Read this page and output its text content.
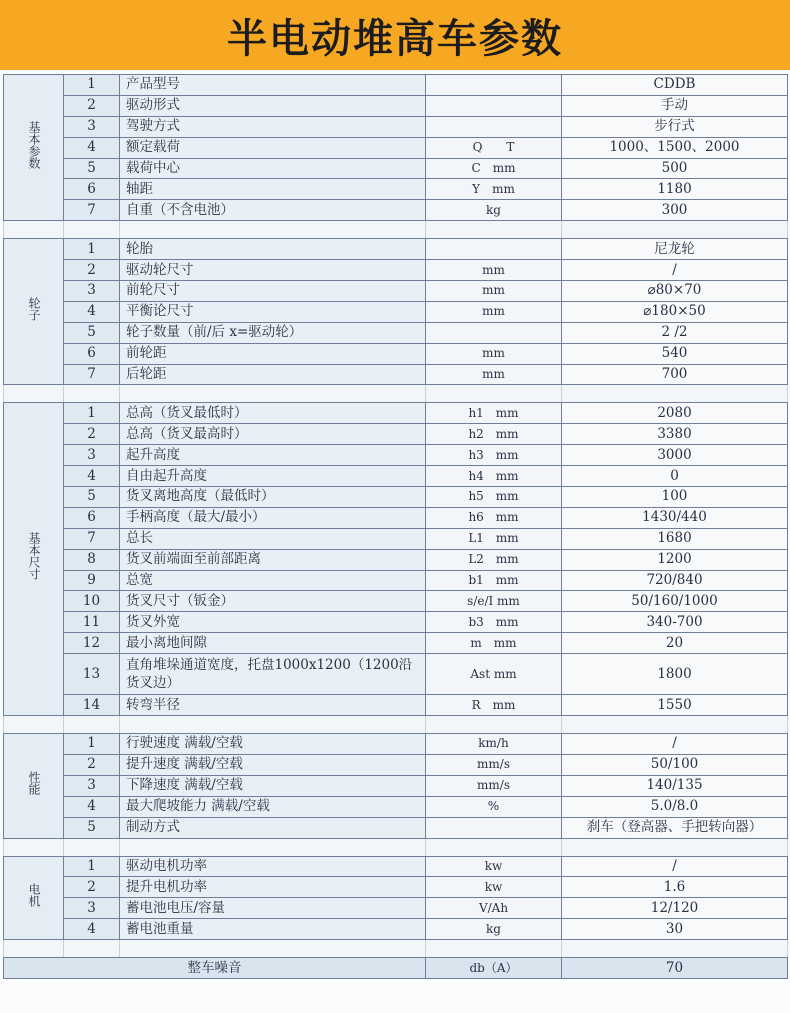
半电动堆高车参数
基本参数	1	产品型号		CDDB
	2	驱动形式		手动
	3	驾驶方式		步行式
	4	额定载荷	Q　　T	1000、1500、2000
	5	载荷中心	C　mm	500
	6	轴距	Y　mm	1180
	7	自重（不含电池）	kg	300

轮子	1	轮胎		尼龙轮
	2	驱动轮尺寸	mm	/
	3	前轮尺寸	mm	⌀80×70
	4	平衡论尺寸	mm	⌀180×50
	5	轮子数量（前/后 x=驱动轮）		2 /2
	6	前轮距	mm	540
	7	后轮距	mm	700

基本尺寸	1	总高（货叉最低时）	h1　mm	2080
	2	总高（货叉最高时）	h2　mm	3380
	3	起升高度	h3　mm	3000
	4	自由起升高度	h4　mm	0
	5	货叉离地高度（最低时）	h5　mm	100
	6	手柄高度（最大/最小）	h6　mm	1430/440
	7	总长	L1　mm	1680
	8	货叉前端面至前部距离	L2　mm	1200
	9	总宽	b1　mm	720/840
	10	货叉尺寸（钣金）	s/e/I mm	50/160/1000
	11	货叉外宽	b3　mm	340-700
	12	最小离地间隙	m　mm	20
	13	直角堆垛通道宽度，托盘1000x1200（1200沿货叉边）	Ast mm	1800
	14	转弯半径	R　mm	1550

性能	1	行驶速度 满载/空载	km/h	/
	2	提升速度 满载/空载	mm/s	50/100
	3	下降速度 满载/空载	mm/s	140/135
	4	最大爬坡能力 满载/空载	%	5.0/8.0
	5	制动方式		刹车（登高器、手把转向器）

电机	1	驱动电机功率	kw	/
	2	提升电机功率	kw	1.6
	3	蓄电池电压/容量	V/Ah	12/120
	4	蓄电池重量	kg	30

整车噪音			db（A）	70
